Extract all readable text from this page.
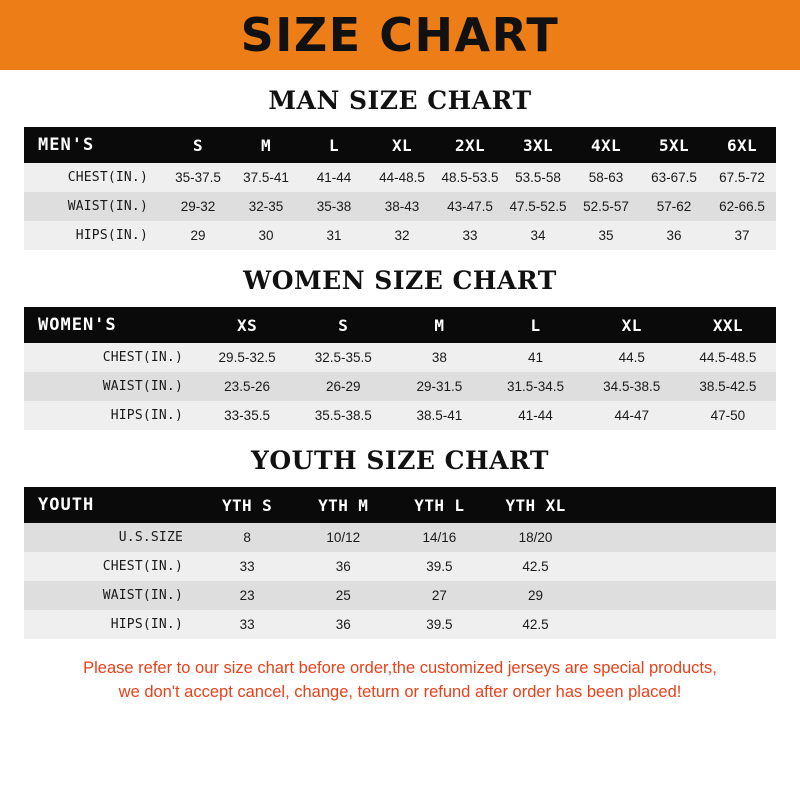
SIZE CHART
MAN SIZE CHART
MEN'S	S	M	L	XL	2XL	3XL	4XL	5XL	6XL
CHEST(IN.)	35-37.5	37.5-41	41-44	44-48.5	48.5-53.5	53.5-58	58-63	63-67.5	67.5-72
WAIST(IN.)	29-32	32-35	35-38	38-43	43-47.5	47.5-52.5	52.5-57	57-62	62-66.5
HIPS(IN.)	29	30	31	32	33	34	35	36	37
WOMEN SIZE CHART
WOMEN'S	XS	S	M	L	XL	XXL
CHEST(IN.)	29.5-32.5	32.5-35.5	38	41	44.5	44.5-48.5
WAIST(IN.)	23.5-26	26-29	29-31.5	31.5-34.5	34.5-38.5	38.5-42.5
HIPS(IN.)	33-35.5	35.5-38.5	38.5-41	41-44	44-47	47-50
YOUTH SIZE CHART
YOUTH	YTH S	YTH M	YTH L	YTH XL		
U.S.SIZE	8	10/12	14/16	18/20		
CHEST(IN.)	33	36	39.5	42.5		
WAIST(IN.)	23	25	27	29		
HIPS(IN.)	33	36	39.5	42.5		
Please refer to our size chart before order,the customized jerseys are special products,
we don't accept cancel, change, teturn or refund after order has been placed!
